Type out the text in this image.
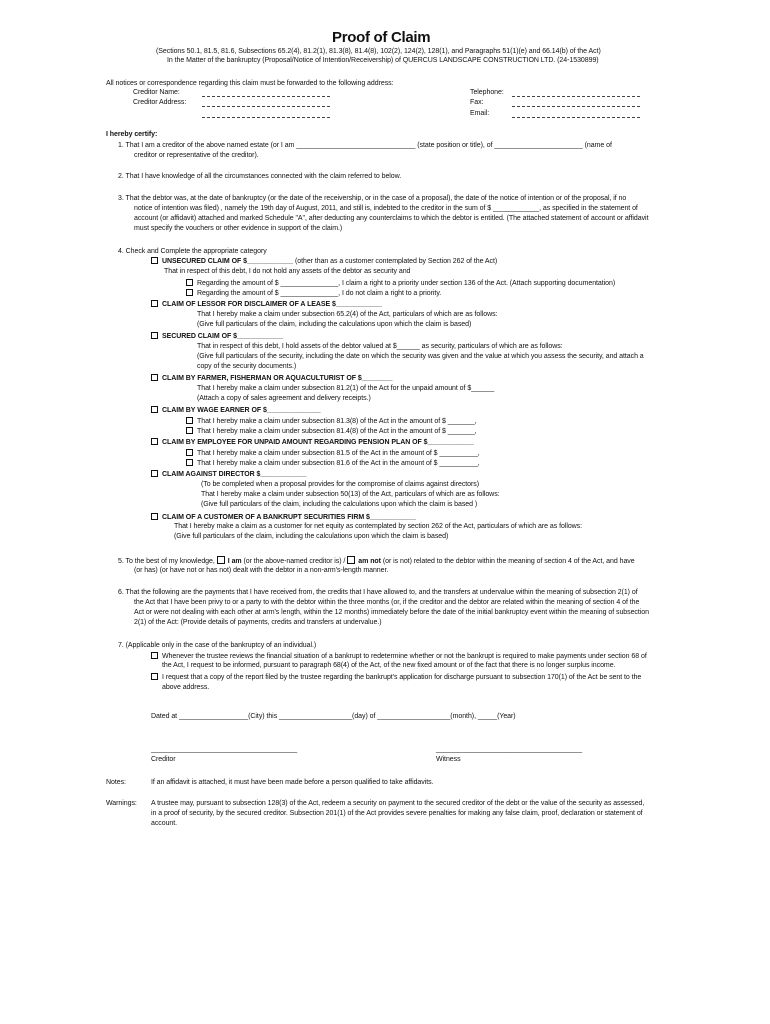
Proof of Claim
(Sections 50.1, 81.5, 81.6, Subsections 65.2(4), 81.2(1), 81.3(8), 81.4(8), 102(2), 124(2), 128(1), and Paragraphs 51(1)(e) and 66.14(b) of the Act)
In the Matter of the bankruptcy (Proposal/Notice of Intention/Receivership) of QUERCUS LANDSCAPE CONSTRUCTION LTD. (24-1530899)
All notices or correspondence regarding this claim must be forwarded to the following address:
Creditor Name:
Creditor Address:
Telephone:
Fax:
Email:
I hereby certify:
1. That I am a creditor of the above named estate (or I am _______________________________ (state position or title), of _______________________ (name of
creditor or representative of the creditor).
2. That I have knowledge of all the circumstances connected with the claim referred to below.
3. That the debtor was, at the date of bankruptcy (or the date of the receivership, or in the case of a proposal), the date of the notice of intention or of the proposal, if no
notice of intention was filed) , namely the 19th day of August, 2011, and still is, indebted to the creditor in the sum of $ ____________, as specified in the statement of
account (or affidavit) attached and marked Schedule "A", after deducting any counterclaims to which the debtor is entitled. (The attached statement of account or affidavit
must specify the vouchers or other evidence in support of the claim.)
4. Check and Complete the appropriate category
UNSECURED CLAIM OF $____________ (other than as a customer contemplated by Section 262 of the Act)
That in respect of this debt, I do not hold any assets of the debtor as security and
Regarding the amount of $ _______________, I claim a right to a priority under section 136 of the Act. (Attach supporting documentation)
Regarding the amount of $ _______________, I do not claim a right to a priority.
CLAIM OF LESSOR FOR DISCLAIMER OF A LEASE $____________
That I hereby make a claim under subsection 65.2(4) of the Act, particulars of which are as follows:
(Give full particulars of the claim, including the calculations upon which the claim is based)
SECURED CLAIM OF $____________
That in respect of this debt, I hold assets of the debtor valued at $______ as security, particulars of which are as follows:
(Give full particulars of the security, including the date on which the security was given and the value at which you assess the security, and attach a
copy of the security documents.)
CLAIM BY FARMER, FISHERMAN OR AQUACULTURIST OF $________
That I hereby make a claim under subsection 81.2(1) of the Act for the unpaid amount of $______
(Attach a copy of sales agreement and delivery receipts.)
CLAIM BY WAGE EARNER OF $______________
That I hereby make a claim under subsection 81.3(8) of the Act in the amount of $ _______,
That I hereby make a claim under subsection 81.4(8) of the Act in the amount of $ _______,
CLAIM BY EMPLOYEE FOR UNPAID AMOUNT REGARDING PENSION PLAN OF $____________
That I hereby make a claim under subsection 81.5 of the Act in the amount of $ __________,
That I hereby make a claim under subsection 81.6 of the Act in the amount of $ __________,
CLAIM AGAINST DIRECTOR $____________
(To be completed when a proposal provides for the compromise of claims against directors)
That I hereby make a claim under subsection 50(13) of the Act, particulars of which are as follows:
(Give full particulars of the claim, including the calculations upon which the claim is based )
CLAIM OF A CUSTOMER OF A BANKRUPT SECURITIES FIRM $____________
That I hereby make a claim as a customer for net equity as contemplated by section 262 of the Act, particulars of which are as follows:
(Give full particulars of the claim, including the calculations upon which the claim is based)
5. To the best of my knowledge, I am (or the above-named creditor is) / am not (or is not) related to the debtor within the meaning of section 4 of the Act, and have
(or has) (or have not or has not) dealt with the debtor in a non-arm's-length manner.
6. That the following are the payments that I have received from, the credits that I have allowed to, and the transfers at undervalue within the meaning of subsection 2(1) of
the Act that I have been privy to or a party to with the debtor within the three months (or, if the creditor and the debtor are related within the meaning of section 4 of the
Act or were not dealing with each other at arm's length, within the 12 months) immediately before the date of the initial bankruptcy event within the meaning of subsection
2(1) of the Act: (Provide details of payments, credits and transfers at undervalue.)
7. (Applicable only in the case of the bankruptcy of an individual.)
Whenever the trustee reviews the financial situation of a bankrupt to redetermine whether or not the bankrupt is required to make payments under section 68 of
the Act, I request to be informed, pursuant to paragraph 68(4) of the Act, of the new fixed amount or of the fact that there is no longer surplus income.
I request that a copy of the report filed by the trustee regarding the bankrupt's application for discharge pursuant to subsection 170(1) of the Act be sent to the
above address.
Dated at __________________(City) this ___________________(day) of ___________________(month), _____(Year)
______________________________________
Creditor
______________________________________
Witness
Notes:	If an affidavit is attached, it must have been made before a person qualified to take affidavits.
Warnings: A trustee may, pursuant to subsection 128(3) of the Act, redeem a security on payment to the secured creditor of the debt or the value of the security as assessed,
in a proof of security, by the secured creditor. Subsection 201(1) of the Act provides severe penalties for making any false claim, proof, declaration or statement of
account.
